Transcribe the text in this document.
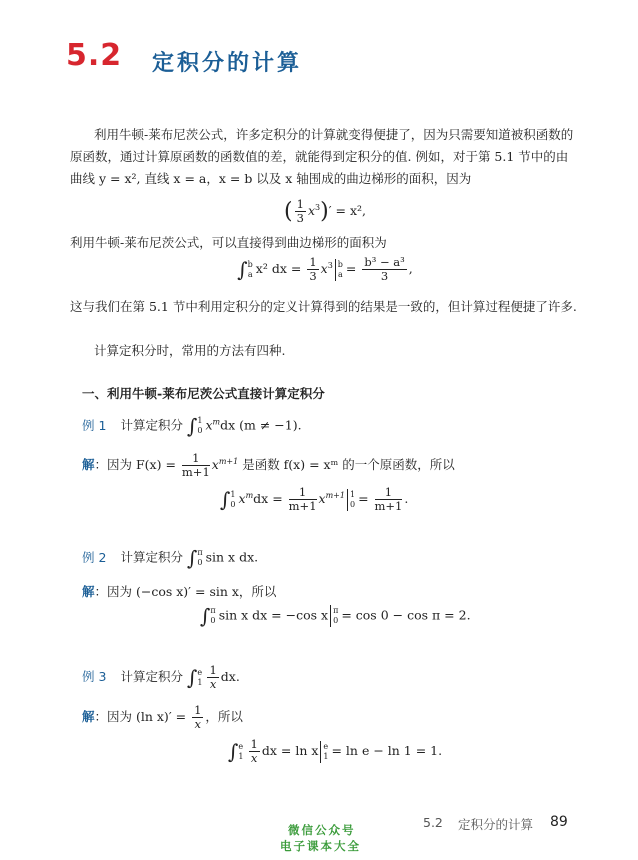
5.2 定积分的计算
利用牛顿-莱布尼茨公式，许多定积分的计算就变得便捷了，因为只需要知道被积函数的原函数，通过计算原函数的函数值的差，就能得到定积分的值. 例如，对于第 5.1 节中的由曲线 y = x², 直线 x = a，x = b 以及 x 轴围成的曲边梯形的面积，因为
( $\frac{1}{3} x^3)' = x^2$,
利用牛顿-莱布尼茨公式，可以直接得到曲边梯形的面积为
∫b
a x² dx = $\frac{1}{3} x^3$ b
$a = \frac{\text{b³ − a³}}{3}$ ,
这与我们在第 5.1 节中利用定积分的定义计算得到的结果是一致的，但计算过程便捷了许多.
计算定积分时，常用的方法有四种.
一、利用牛顿-莱布尼茨公式直接计算定积分
例 1 计算定积分 ∫1
0 $x^mdx$ (m ≠ −1).
解：因为 $F(x) = \frac{1}{m+1} x^{m+1}$ 是函数 f(x) = xᵐ 的一个原函数，所以
∫1
0 $x^mdx = \frac{1}{m+1} x^{m+1}$ 1
$0 = \frac{1}{m+1}$ .
例 2 计算定积分 ∫π
0 sin x dx.
解：因为 (−cos x)′ = sin x，所以
∫π
0 sin x dx = −cos x π
0 = cos 0 − cos π = 2.
例 3 计算定积分 ∫e
$1 \frac{1}{x}$ dx.
解：因为 (ln $x)' = \frac{1}{x}$ ，所以
∫e
$1 \frac{1}{x}$ dx = ln x e
1 = ln e − ln 1 = 1.
5.2 定积分的计算 89
微信公众号
电子课本大全
